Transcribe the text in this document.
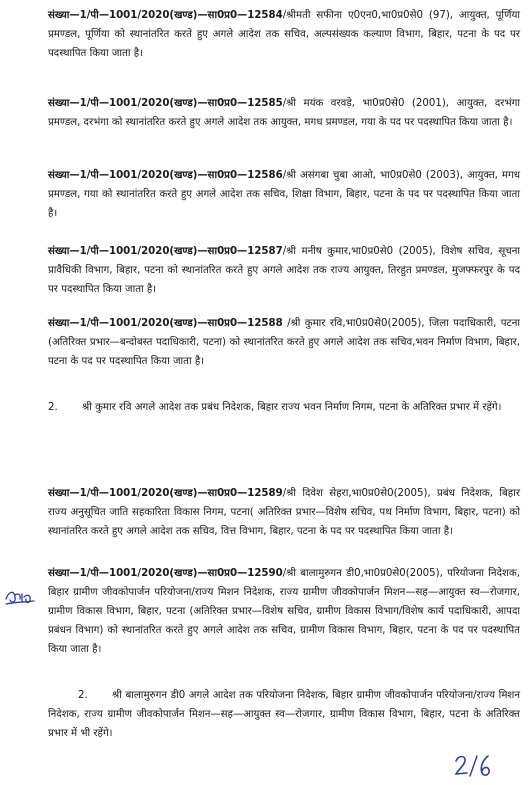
संख्या—1/पी—1001/2020(खण्ड)—सा0प्र0—12584/श्रीमती सफीना ए0एन0,भा0प्र0से0 (97), आयुक्त, पूर्णिया प्रमण्डल, पूर्णिया को स्थानांतरित करते हुए अगले आदेश तक सचिव, अल्पसंख्यक कल्याण विभाग, बिहार, पटना के पद पर पदस्थापित किया जाता है।

संख्या—1/पी—1001/2020(खण्ड)—सा0प्र0—12585/श्री मयंक वरवड़े, भा0प्र0से0 (2001), आयुक्त, दरभंगा प्रमण्डल, दरभंगा को स्थानांतरित करते हुए अगले आदेश तक आयुक्त, मगध प्रमण्डल, गया के पद पर पदस्थापित किया जाता है।

संख्या—1/पी—1001/2020(खण्ड)—सा0प्र0—12586/श्री असंगबा चुबा आओ, भा0प्र0से0 (2003), आयुक्त, मगध प्रमण्डल, गया को स्थानांतरित करते हुए अगले आदेश तक सचिव, शिक्षा विभाग, बिहार, पटना के पद पर पदस्थापित किया जाता है।

संख्या—1/पी—1001/2020(खण्ड)—सा0प्र0—12587/श्री मनीष कुमार,भा0प्र0से0 (2005), विशेष सचिव, सूचना प्रावैधिकी विभाग, बिहार, पटना को स्थानांतरित करते हुए अगले आदेश तक राज्य आयुक्त, तिरहुत प्रमण्डल, मुजफ्फरपुर के पद पर पदस्थापित किया जाता है।

संख्या—1/पी—1001/2020(खण्ड)—सा0प्र0—12588 /श्री कुमार रवि,भा0प्र0से0(2005), जिला पदाधिकारी, पटना (अतिरिक्त प्रभार—बन्दोबस्त पदाधिकारी, पटना) को स्थानांतरित करते हुए अगले आदेश तक सचिव,भवन निर्माण विभाग, बिहार, पटना के पद पर पदस्थापित किया जाता है।

2. श्री कुमार रवि अगले आदेश तक प्रबंध निदेशक, बिहार राज्य भवन निर्माण निगम, पटना के अतिरिक्त प्रभार में रहेंगे।

संख्या—1/पी—1001/2020(खण्ड)—सा0प्र0—12589/श्री दिवेश सेहरा,भा0प्र0से0(2005), प्रबंध निदेशक, बिहार राज्य अनुसूचित जाति सहकारिता विकास निगम, पटना( अतिरिक्त प्रभार—विशेष सचिव, पथ निर्माण विभाग, बिहार, पटना) को स्थानांतरित करते हुए अगले आदेश तक सचिव, वित्त विभाग, बिहार, पटना के पद पर पदस्थापित किया जाता है।

संख्या—1/पी—1001/2020(खण्ड)—सा0प्र0—12590/श्री बालामुरुगन डी0,भा0प्र0से0(2005), परियोजना निदेशक, बिहार ग्रामीण जीवकोपार्जन परियोजना/राज्य मिशन निदेशक, राज्य ग्रामीण जीवकोपार्जन मिशन—सह—आयुक्त स्व—रोजगार, ग्रामीण विकास विभाग, बिहार, पटना (अतिरिक्त प्रभार—विशेष सचिव, ग्रामीण विकास विभाग/विशेष कार्य पदाधिकारी, आपदा प्रबंधन विभाग) को स्थानांतरित करते हुए अगले आदेश तक सचिव, ग्रामीण विकास विभाग, बिहार, पटना के पद पर पदस्थापित किया जाता है।

2. श्री बालामुरुगन डी0 अगले आदेश तक परियोजना निदेशक, बिहार ग्रामीण जीवकोपार्जन परियोजना/राज्य मिशन निदेशक, राज्य ग्रामीण जीवकोपार्जन मिशन—सह—आयुक्त स्व—रोजगार, ग्रामीण विकास विभाग, बिहार, पटना के अतिरिक्त प्रभार में भी रहेंगे।
